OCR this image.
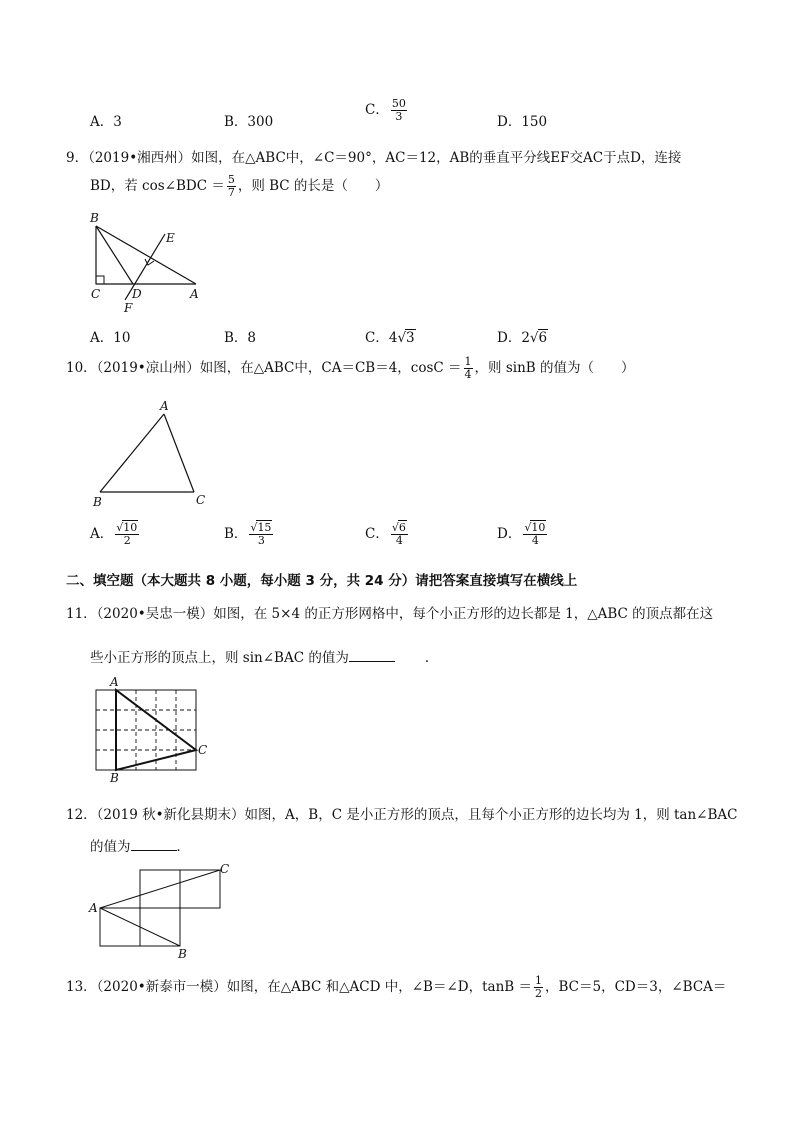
A．3	B．300
C． $\frac{50}{3}$	D．150
9．（2019•湘西州）如图，在△ABC中，∠C＝90°，AC＝12，AB的垂直平分线EF交AC于点D，连接
BD，若 cos∠BDC ＝ $\frac{5}{7}$ ，则 BC 的长是（　　）
B
E
C	D	A
F
A．10	B．8	C．4√3	D．2√6
10．（2019•凉山州）如图，在△ABC中，CA＝CB＝4，$\cos C = \frac{1}{4}$ ，则 sinB 的值为（　　）
A
B	C
A． $\frac{√10}{2}$	B． $\frac{√15}{3}$	C． $\frac{√6}{4}$	D． $\frac{√10}{4}$
二、填空题（本大题共 8 小题，每小题 3 分，共 24 分）请把答案直接填写在横线上
11．（2020•吴忠一模）如图，在 5×4 的正方形网格中，每个小正方形的边长都是 1，△ABC 的顶点都在这
些小正方形的顶点上，则 sin∠BAC 的值为	．
A
B
C
12．（2019 秋•新化县期末）如图，A，B，C 是小正方形的顶点，且每个小正方形的边长均为 1，则 tan∠BAC
的值为	．
C
A
B
13．（2020•新泰市一模）如图，在△ABC 和△ACD 中，∠B＝∠D，$\tan B = \frac{1}{2}$ ，BC＝5，CD＝3，∠BCA＝
